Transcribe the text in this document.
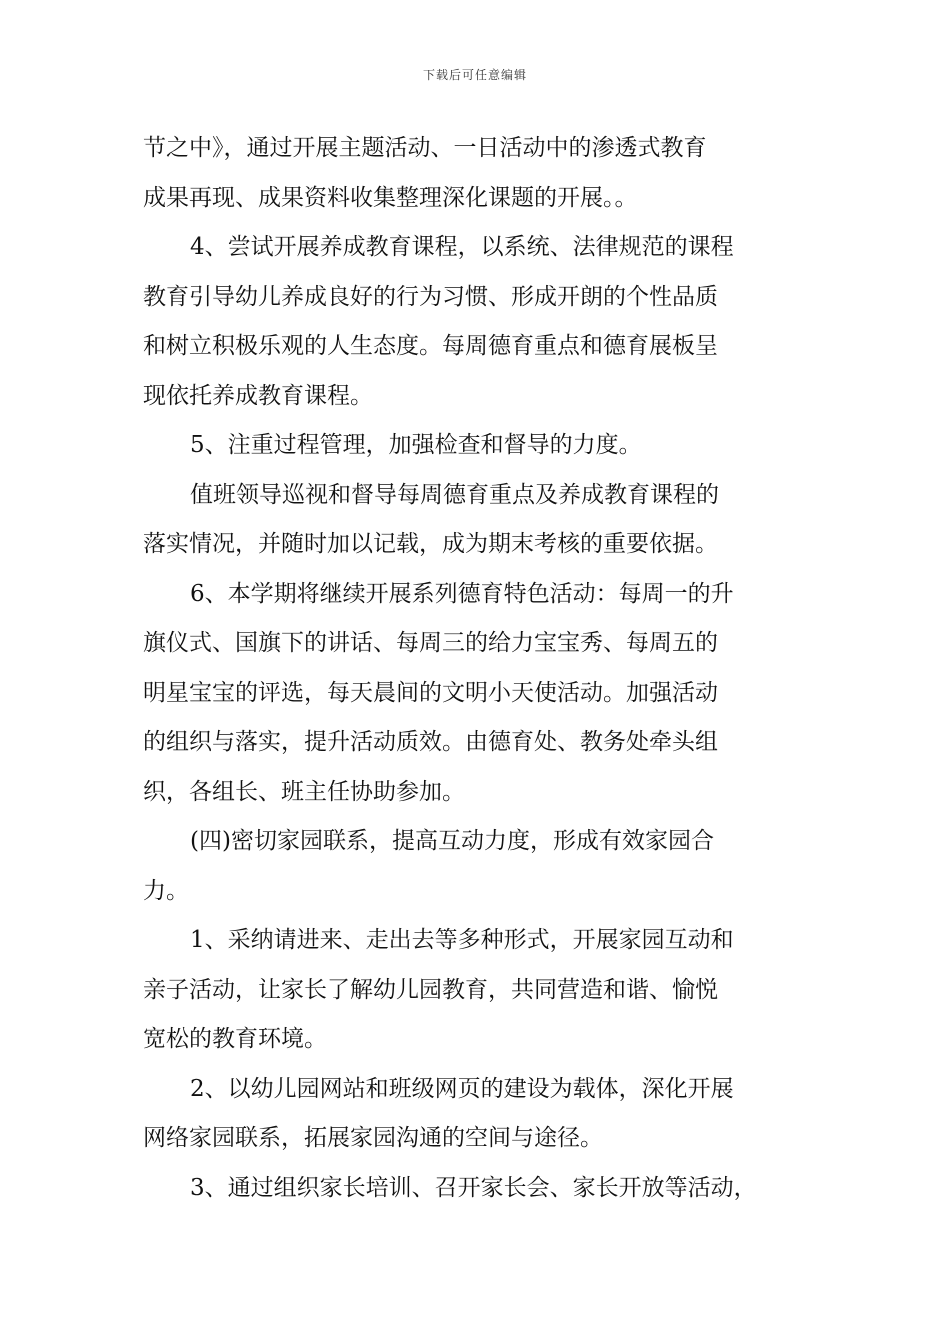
下载后可任意编辑
节之中》，通过开展主题活动、一日活动中的渗透式教育
成果再现、成果资料收集整理深化课题的开展。。
4、尝试开展养成教育课程，以系统、法律规范的课程
教育引导幼儿养成良好的行为习惯、形成开朗的个性品质
和树立积极乐观的人生态度。每周德育重点和德育展板呈
现依托养成教育课程。
5、注重过程管理，加强检查和督导的力度。
值班领导巡视和督导每周德育重点及养成教育课程的
落实情况，并随时加以记载，成为期末考核的重要依据。
6、本学期将继续开展系列德育特色活动：每周一的升
旗仪式、国旗下的讲话、每周三的给力宝宝秀、每周五的
明星宝宝的评选，每天晨间的文明小天使活动。加强活动
的组织与落实，提升活动质效。由德育处、教务处牵头组
织，各组长、班主任协助参加。
(四)密切家园联系，提高互动力度，形成有效家园合
力。
1、采纳请进来、走出去等多种形式，开展家园互动和
亲子活动，让家长了解幼儿园教育，共同营造和谐、愉悦
宽松的教育环境。
2、以幼儿园网站和班级网页的建设为载体，深化开展
网络家园联系，拓展家园沟通的空间与途径。
3、通过组织家长培训、召开家长会、家长开放等活动，
